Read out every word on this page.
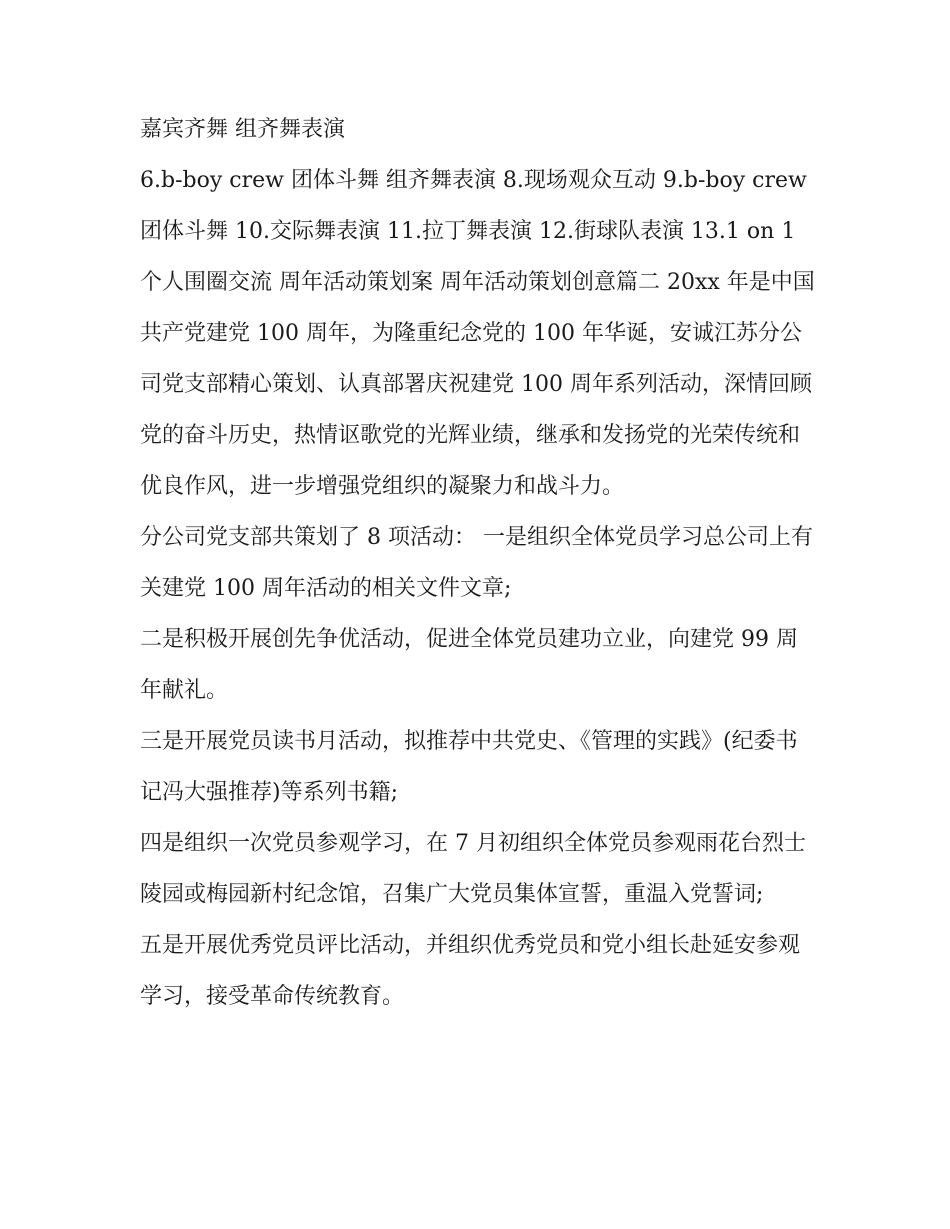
嘉宾齐舞 组齐舞表演

6.b-boy crew 团体斗舞 组齐舞表演 8.现场观众互动 9.b-boy crew 团体斗舞 10.交际舞表演 11.拉丁舞表演 12.街球队表演 13.1 on 1 个人围圈交流 周年活动策划案 周年活动策划创意篇二 20xx 年是中国共产党建党 100 周年，为隆重纪念党的 100 年华诞，安诚江苏分公司党支部精心策划、认真部署庆祝建党 100 周年系列活动，深情回顾党的奋斗历史，热情讴歌党的光辉业绩，继承和发扬党的光荣传统和优良作风，进一步增强党组织的凝聚力和战斗力。

分公司党支部共策划了 8 项活动： 一是组织全体党员学习总公司上有关建党 100 周年活动的相关文件文章;

二是积极开展创先争优活动，促进全体党员建功立业，向建党 99 周年献礼。

三是开展党员读书月活动，拟推荐中共党史、《管理的实践》(纪委书记冯大强推荐)等系列书籍;

四是组织一次党员参观学习，在 7 月初组织全体党员参观雨花台烈士陵园或梅园新村纪念馆，召集广大党员集体宣誓，重温入党誓词;

五是开展优秀党员评比活动，并组织优秀党员和党小组长赴延安参观学习，接受革命传统教育。
